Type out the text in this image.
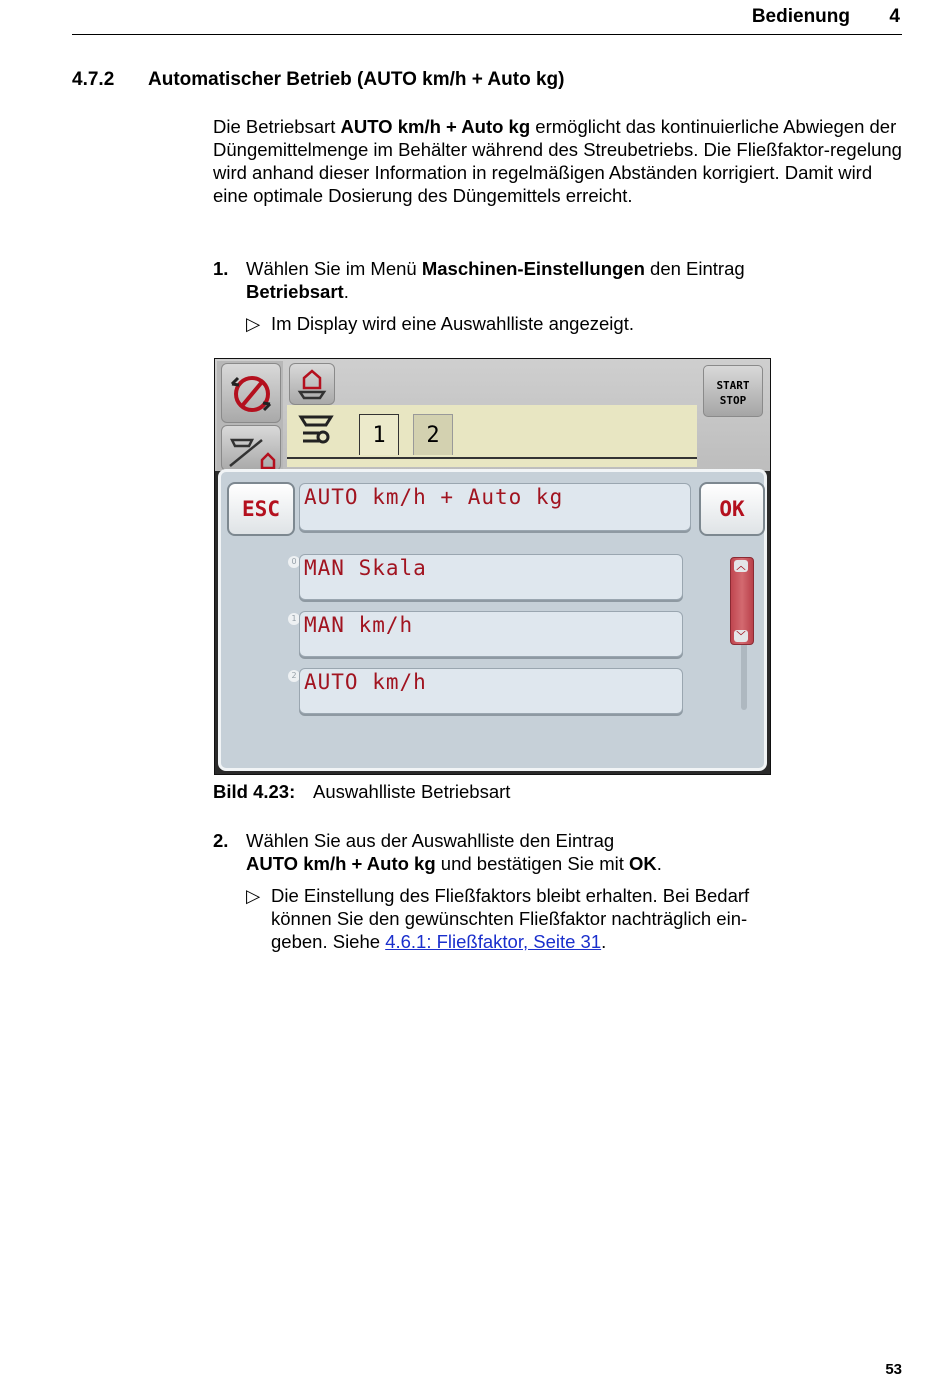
Bedienung 4
4.7.2 Automatischer Betrieb (AUTO km/h + Auto kg)
Die Betriebsart AUTO km/h + Auto kg ermöglicht das kontinuierliche Abwiegen der Düngemittelmenge im Behälter während des Streubetriebs. Die Fließfaktor-regelung wird anhand dieser Information in regelmäßigen Abständen korrigiert. Damit wird eine optimale Dosierung des Düngemittels erreicht.
1. Wählen Sie im Menü Maschinen-Einstellungen den Eintrag
Betriebsart.
▷ Im Display wird eine Auswahlliste angezeigt.
1	2
START
STOP
ESC	AUTO km/h + Auto kg	OK
0 MAN Skala
1 MAN km/h
2 AUTO km/h
︿
﹀
Bild 4.23: Auswahlliste Betriebsart
2. Wählen Sie aus der Auswahlliste den Eintrag
AUTO km/h + Auto kg und bestätigen Sie mit OK.
▷ Die Einstellung des Fließfaktors bleibt erhalten. Bei Bedarf können Sie den gewünschten Fließfaktor nachträglich ein-geben. Siehe 4.6.1: Fließfaktor, Seite 31.
53
